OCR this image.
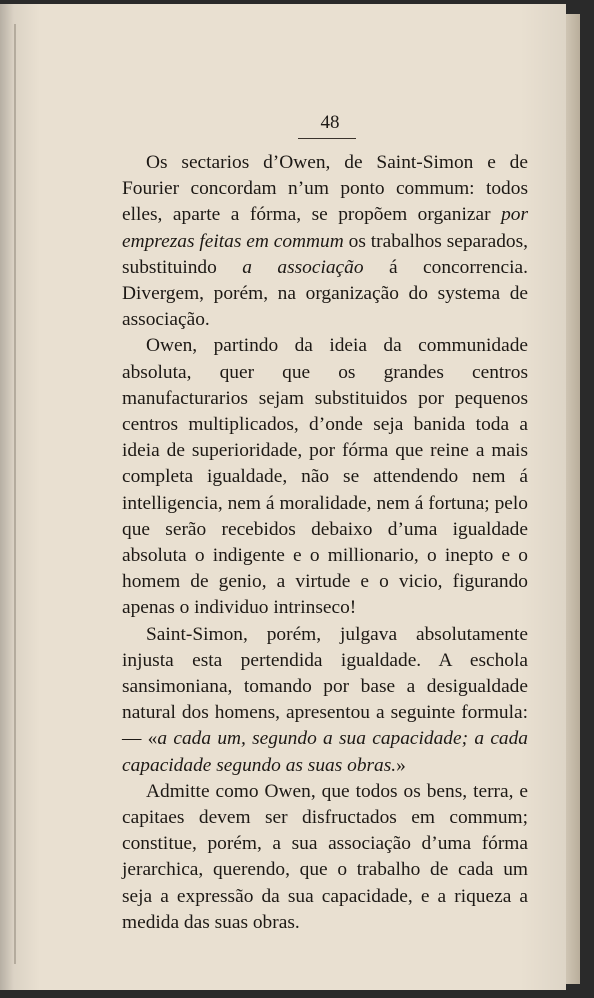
48

Os sectarios d’Owen, de Saint-Simon e de Fourier concordam n’um ponto commum: todos elles, aparte a fórma, se propõem organizar por emprezas feitas em commum os trabalhos separados, substituindo a associação á concorrencia. Divergem, porém, na organização do systema de associação.

Owen, partindo da ideia da communidade absoluta, quer que os grandes centros manufacturarios sejam substituidos por pequenos centros multiplicados, d’onde seja banida toda a ideia de superioridade, por fórma que reine a mais completa igualdade, não se attendendo nem á intelligencia, nem á moralidade, nem á fortuna; pelo que serão recebidos debaixo d’uma igualdade absoluta o indigente e o millionario, o inepto e o homem de genio, a virtude e o vicio, figurando apenas o individuo intrinseco!

Saint-Simon, porém, julgava absolutamente injusta esta pertendida igualdade. A eschola sansimoniana, tomando por base a desigualdade natural dos homens, apresentou a seguinte formula: — «a cada um, segundo a sua capacidade; a cada capacidade segundo as suas obras.»

Admitte como Owen, que todos os bens, terra, e capitaes devem ser disfructados em commum; constitue, porém, a sua associação d’uma fórma jerarchica, querendo, que o trabalho de cada um seja a expressão da sua capacidade, e a riqueza a medida das suas obras.
